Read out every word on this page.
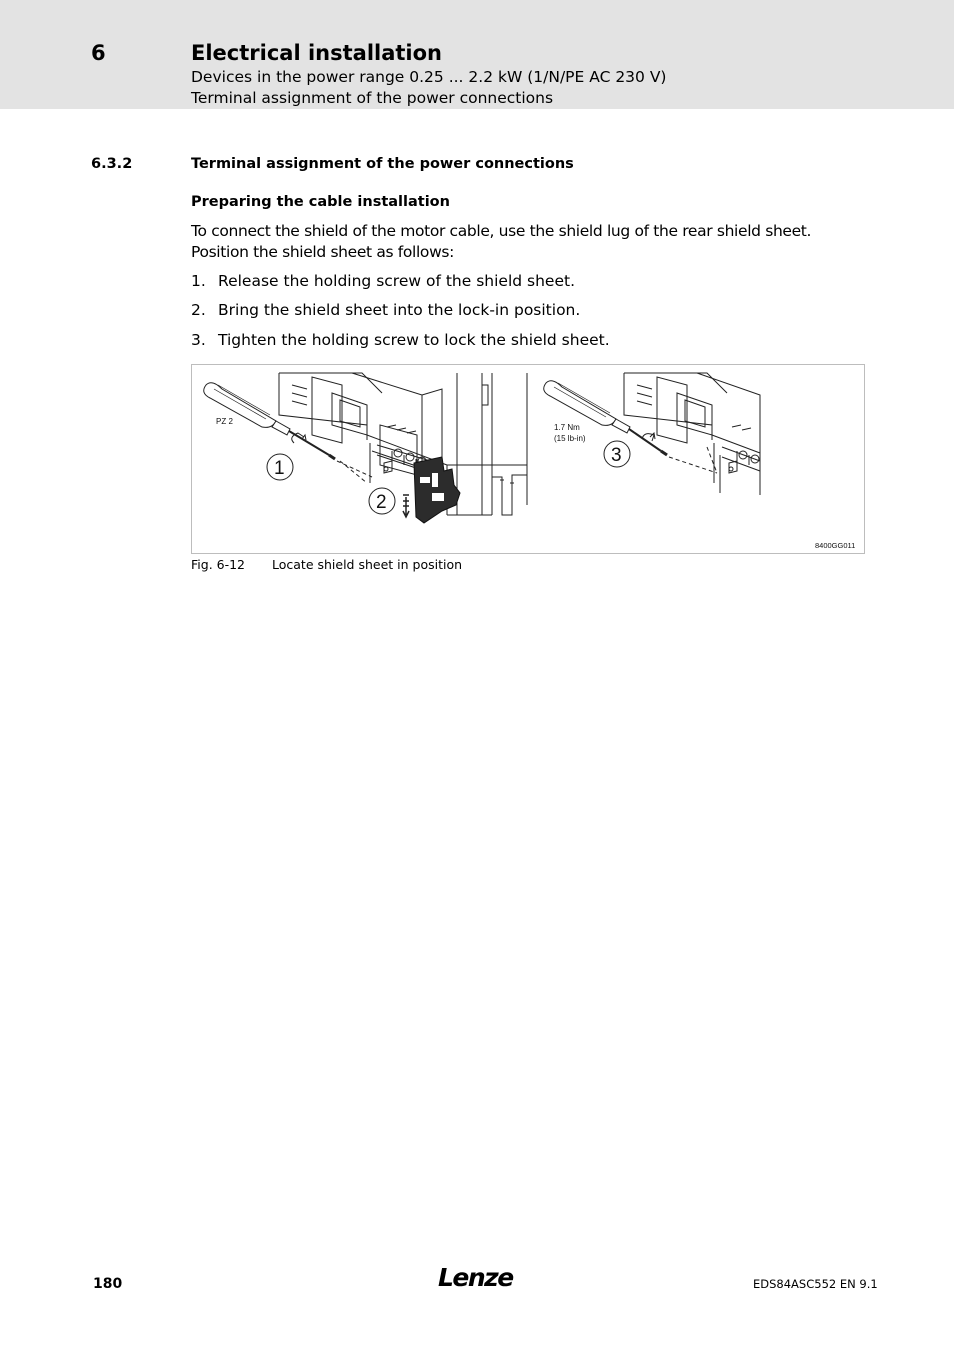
6	Electrical installation
Devices in the power range 0.25 ... 2.2 kW (1/N/PE AC 230 V)
Terminal assignment of the power connections
6.3.2	Terminal assignment of the power connections
Preparing the cable installation
To connect the shield of the motor cable, use the shield lug of the rear shield sheet. Position the shield sheet as follows:
1. Release the holding screw of the shield sheet.
2. Bring the shield sheet into the lock-in position.
3. Tighten the holding screw to lock the shield sheet.
1
2
3
PZ 2
1.7 Nm
(15 lb-in)
8400GG011
Fig. 6-12 Locate shield sheet in position
180	Lenze	EDS84ASC552 EN 9.1
